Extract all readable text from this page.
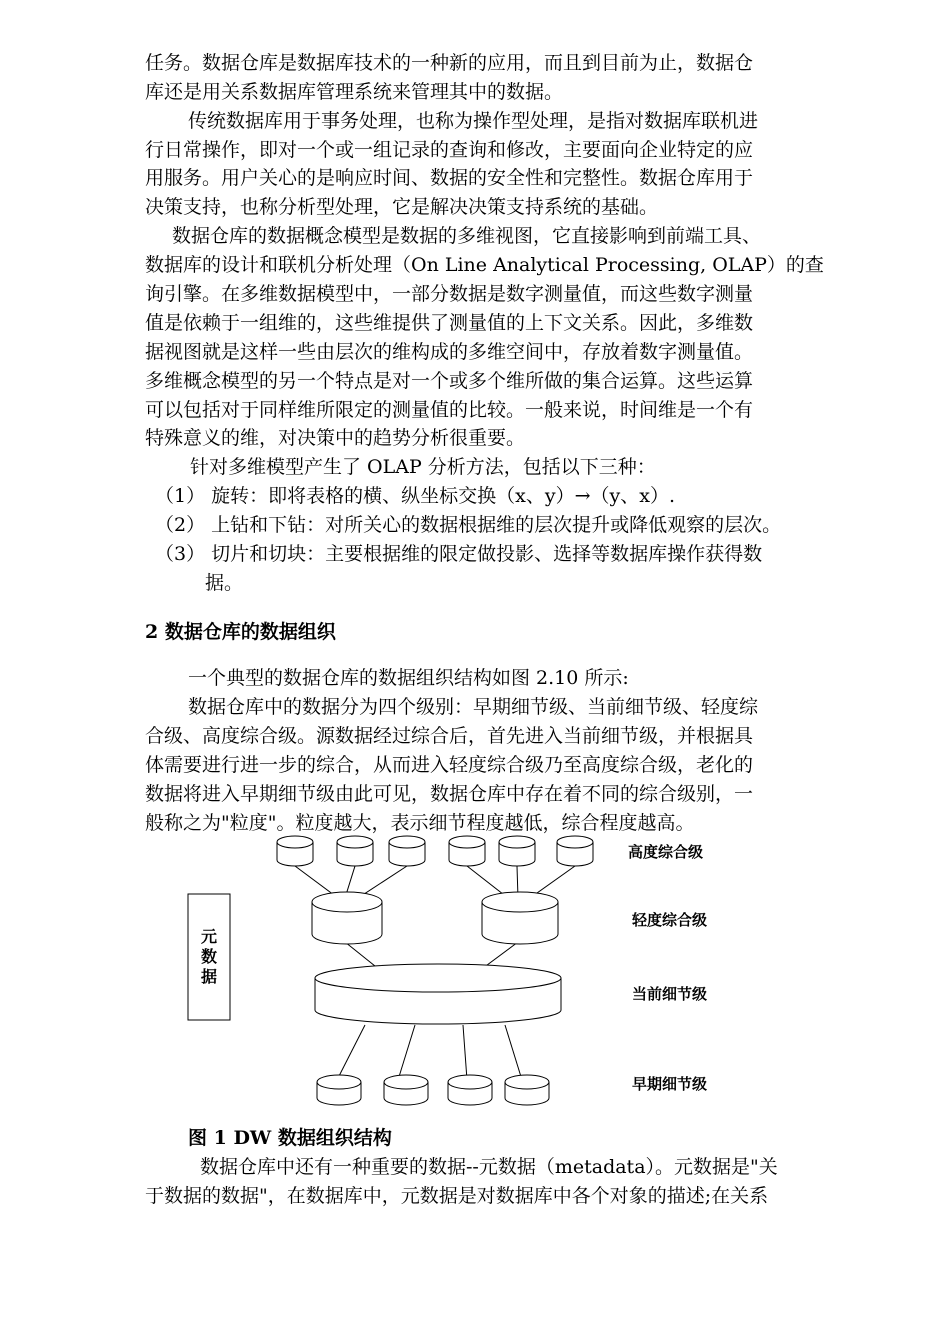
任务。数据仓库是数据库技术的一种新的应用，而且到目前为止，数据仓
库还是用关系数据库管理系统来管理其中的数据。
传统数据库用于事务处理，也称为操作型处理，是指对数据库联机进
行日常操作，即对一个或一组记录的查询和修改，主要面向企业特定的应
用服务。用户关心的是响应时间、数据的安全性和完整性。数据仓库用于
决策支持，也称分析型处理，它是解决决策支持系统的基础。
数据仓库的数据概念模型是数据的多维视图，它直接影响到前端工具、
数据库的设计和联机分析处理（On Line Analytical Processing, OLAP）的查
询引擎。在多维数据模型中，一部分数据是数字测量值，而这些数字测量
值是依赖于一组维的，这些维提供了测量值的上下文关系。因此，多维数
据视图就是这样一些由层次的维构成的多维空间中，存放着数字测量值。
多维概念模型的另一个特点是对一个或多个维所做的集合运算。这些运算
可以包括对于同样维所限定的测量值的比较。一般来说，时间维是一个有
特殊意义的维，对决策中的趋势分析很重要。
针对多维模型产生了 OLAP 分析方法，包括以下三种：
（1） 旋转：即将表格的横、纵坐标交换（x、y）→（y、x）.
（2） 上钻和下钻：对所关心的数据根据维的层次提升或降低观察的层次。
（3） 切片和切块：主要根据维的限定做投影、选择等数据库操作获得数
据。
2 数据仓库的数据组织
一个典型的数据仓库的数据组织结构如图 2.10 所示:
数据仓库中的数据分为四个级别：早期细节级、当前细节级、轻度综
合级、高度综合级。源数据经过综合后，首先进入当前细节级，并根据具
体需要进行进一步的综合，从而进入轻度综合级乃至高度综合级，老化的
数据将进入早期细节级由此可见，数据仓库中存在着不同的综合级别，一
般称之为"粒度"。粒度越大，表示细节程度越低，综合程度越高。
元
数
据
高度综合级
轻度综合级
当前细节级
早期细节级
图 1 DW 数据组织结构
数据仓库中还有一种重要的数据--元数据（metadata）。元数据是"关
于数据的数据"，在数据库中，元数据是对数据库中各个对象的描述;在关系
